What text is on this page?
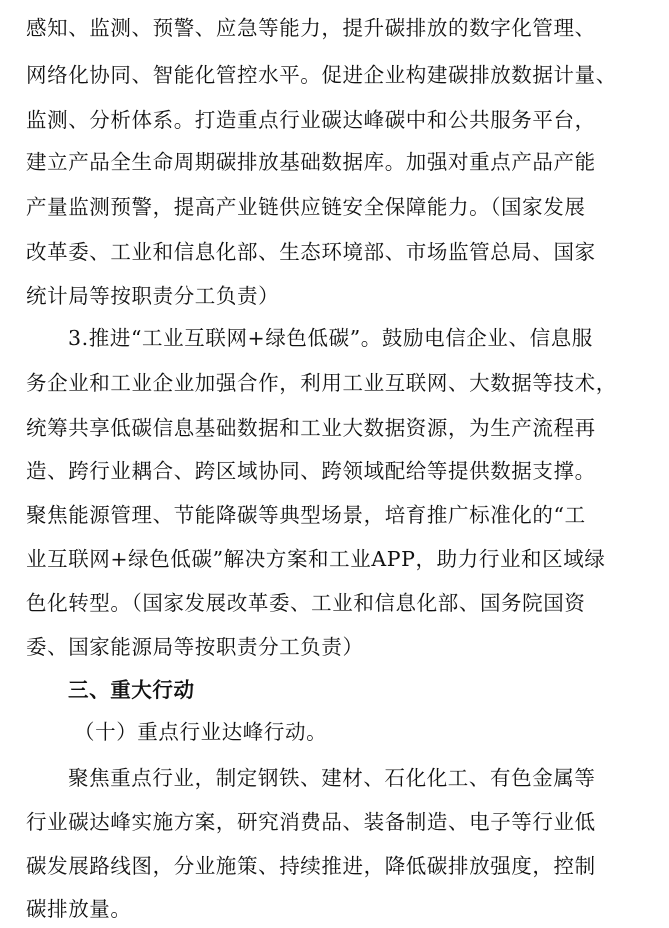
感知、监测、预警、应急等能力，提升碳排放的数字化管理、
网络化协同、智能化管控水平。促进企业构建碳排放数据计量、
监测、分析体系。打造重点行业碳达峰碳中和公共服务平台，
建立产品全生命周期碳排放基础数据库。加强对重点产品产能
产量监测预警，提高产业链供应链安全保障能力。（国家发展
改革委、工业和信息化部、生态环境部、市场监管总局、国家
统计局等按职责分工负责）
3.推进“工业互联网+绿色低碳”。鼓励电信企业、信息服
务企业和工业企业加强合作，利用工业互联网、大数据等技术，
统筹共享低碳信息基础数据和工业大数据资源，为生产流程再
造、跨行业耦合、跨区域协同、跨领域配给等提供数据支撑。
聚焦能源管理、节能降碳等典型场景，培育推广标准化的“工
业互联网+绿色低碳”解决方案和工业APP，助力行业和区域绿
色化转型。（国家发展改革委、工业和信息化部、国务院国资
委、国家能源局等按职责分工负责）
三、重大行动
（十）重点行业达峰行动。
聚焦重点行业，制定钢铁、建材、石化化工、有色金属等
行业碳达峰实施方案，研究消费品、装备制造、电子等行业低
碳发展路线图，分业施策、持续推进，降低碳排放强度，控制
碳排放量。
